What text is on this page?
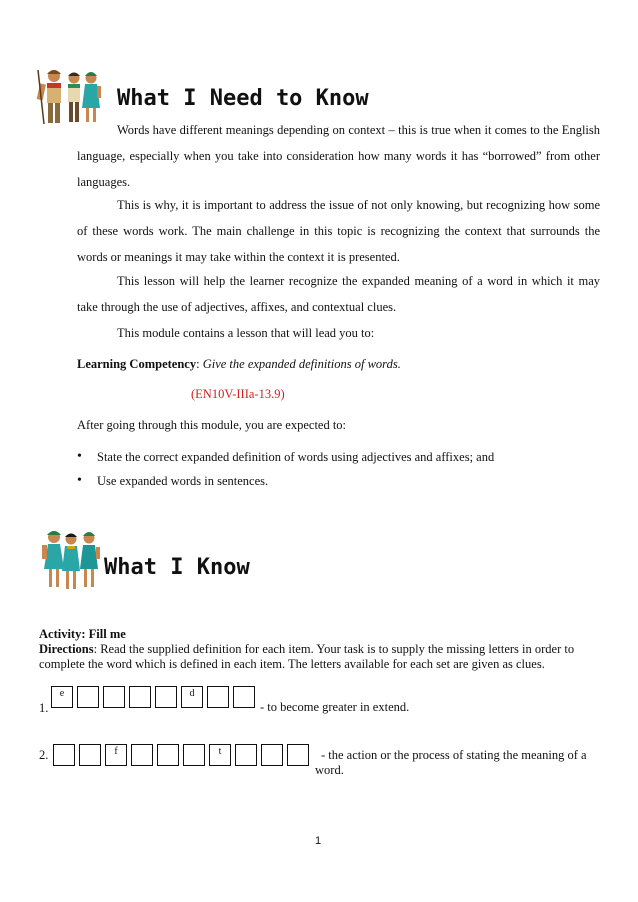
What I Need to Know
Words have different meanings depending on context – this is true when it comes to the English language, especially when you take into consideration how many words it has “borrowed” from other languages.
This is why, it is important to address the issue of not only knowing, but recognizing how some of these words work. The main challenge in this topic is recognizing the context that surrounds the words or meanings it may take within the context it is presented.
This lesson will help the learner recognize the expanded meaning of a word in which it may take through the use of adjectives, affixes, and contextual clues.
This module contains a lesson that will lead you to:
Learning Competency: Give the expanded definitions of words.
(EN10V-IIIa-13.9)
After going through this module, you are expected to:
• State the correct expanded definition of words using adjectives and affixes; and
• Use expanded words in sentences.
What I Know
Activity: Fill me
Directions: Read the supplied definition for each item. Your task is to supply the missing letters in order to complete the word which is defined in each item. The letters available for each set are given as clues.
1.
e	d
- to become greater in extend.
2.	f	t	- the action or the process of stating the meaning of a word.
1
